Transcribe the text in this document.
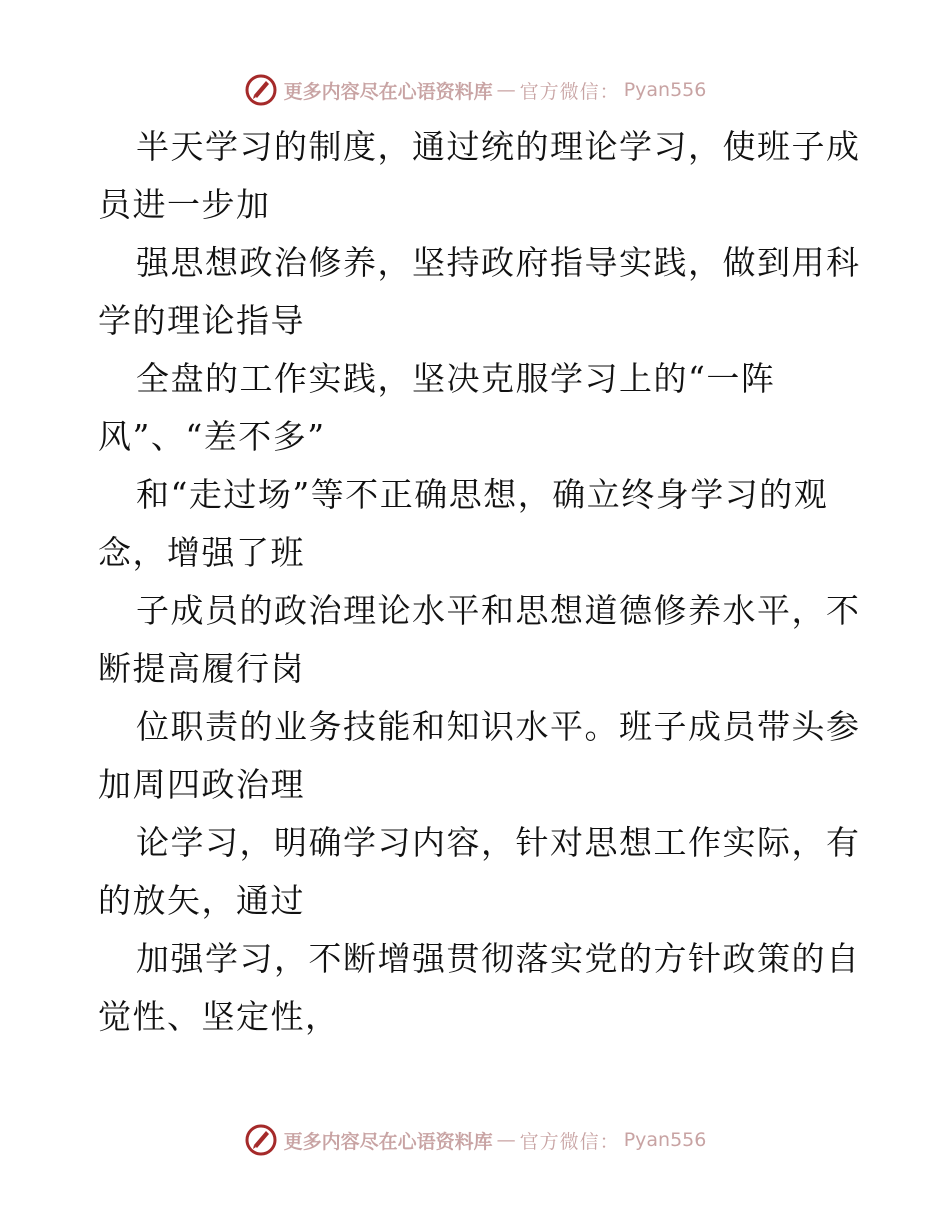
更多内容尽在心语资料库 — 官方微信： Pyan556
半天学习的制度，通过统的理论学习，使班子成
员进一步加
强思想政治修养，坚持政府指导实践，做到用科
学的理论指导
全盘的工作实践，坚决克服学习上的“一阵
风”、“差不多”
和“走过场”等不正确思想，确立终身学习的观
念，增强了班
子成员的政治理论水平和思想道德修养水平，不
断提高履行岗
位职责的业务技能和知识水平。班子成员带头参
加周四政治理
论学习，明确学习内容，针对思想工作实际，有
的放矢，通过
加强学习，不断增强贯彻落实党的方针政策的自
觉性、坚定性，
更多内容尽在心语资料库 — 官方微信： Pyan556
